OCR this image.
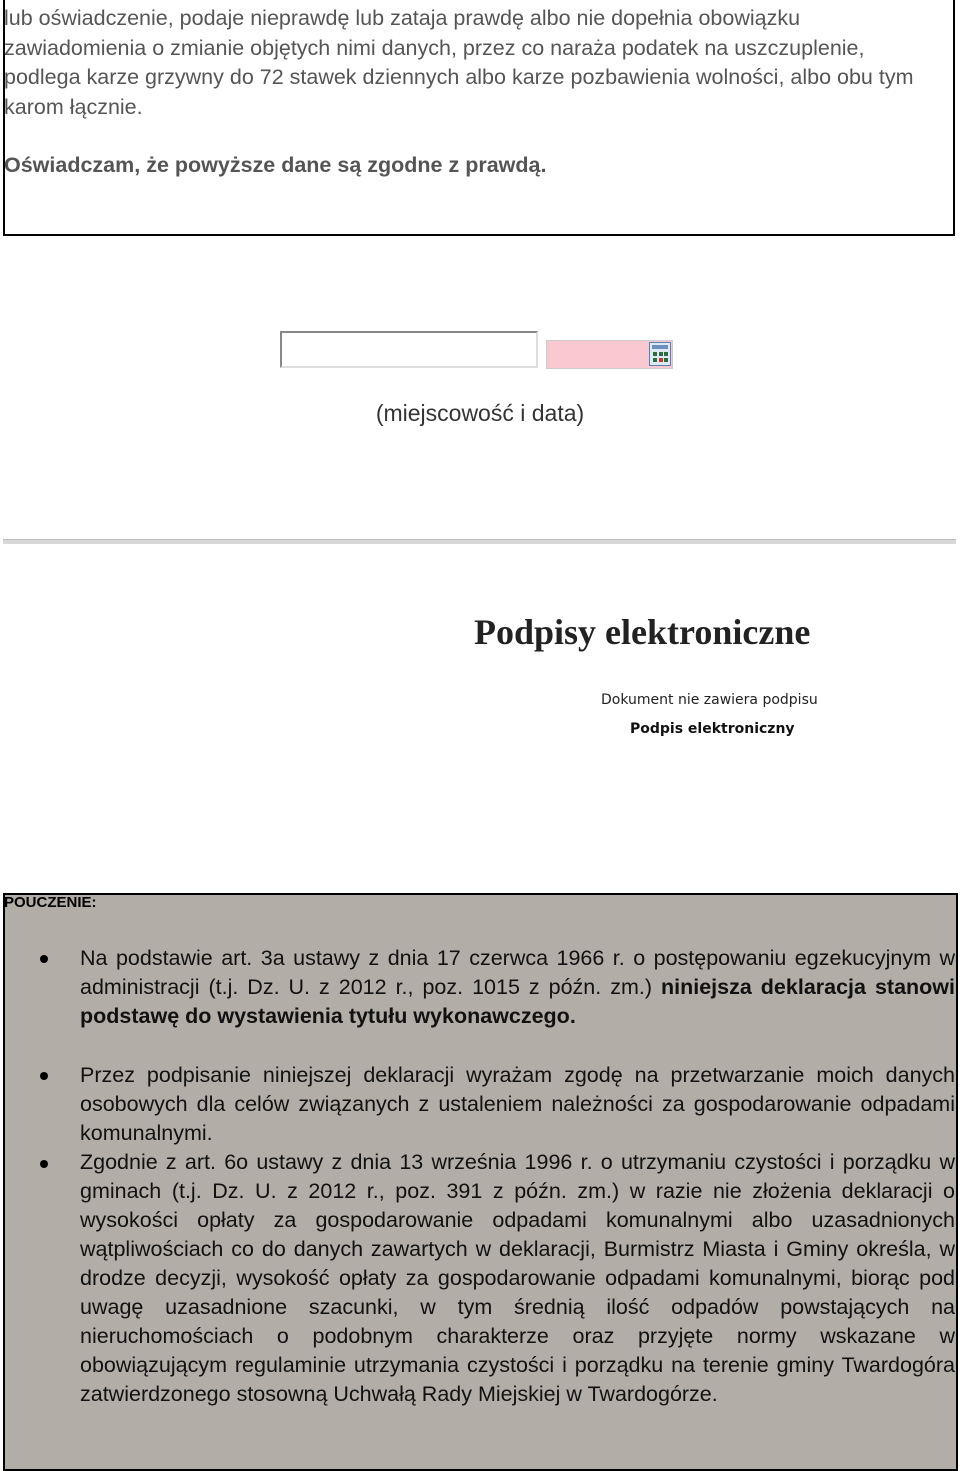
lub oświadczenie, podaje nieprawdę lub zataja prawdę albo nie dopełnia obowiązku zawiadomienia o zmianie objętych nimi danych, przez co naraża podatek na uszczuplenie, podlega karze grzywny do 72 stawek dziennych albo karze pozbawienia wolności, albo obu tym karom łącznie.
Oświadczam, że powyższe dane są zgodne z prawdą.
(miejscowość i data)
Podpisy elektroniczne
Dokument nie zawiera podpisu
Podpis elektroniczny
POUCZENIE:
Na podstawie art. 3a ustawy z dnia 17 czerwca 1966 r. o postępowaniu egzekucyjnym w administracji (t.j. Dz. U. z 2012 r., poz. 1015 z późn. zm.) niniejsza deklaracja stanowi podstawę do wystawienia tytułu wykonawczego.
Przez podpisanie niniejszej deklaracji wyrażam zgodę na przetwarzanie moich danych osobowych dla celów związanych z ustaleniem należności za gospodarowanie odpadami komunalnymi.
Zgodnie z art. 6o ustawy z dnia 13 września 1996 r. o utrzymaniu czystości i porządku w gminach (t.j. Dz. U. z 2012 r., poz. 391 z późn. zm.) w razie nie złożenia deklaracji o wysokości opłaty za gospodarowanie odpadami komunalnymi albo uzasadnionych wątpliwościach co do danych zawartych w deklaracji, Burmistrz Miasta i Gminy określa, w drodze decyzji, wysokość opłaty za gospodarowanie odpadami komunalnymi, biorąc pod uwagę uzasadnione szacunki, w tym średnią ilość odpadów powstających na nieruchomościach o podobnym charakterze oraz przyjęte normy wskazane w obowiązującym regulaminie utrzymania czystości i porządku na terenie gminy Twardogóra zatwierdzonego stosowną Uchwałą Rady Miejskiej w Twardogórze.
